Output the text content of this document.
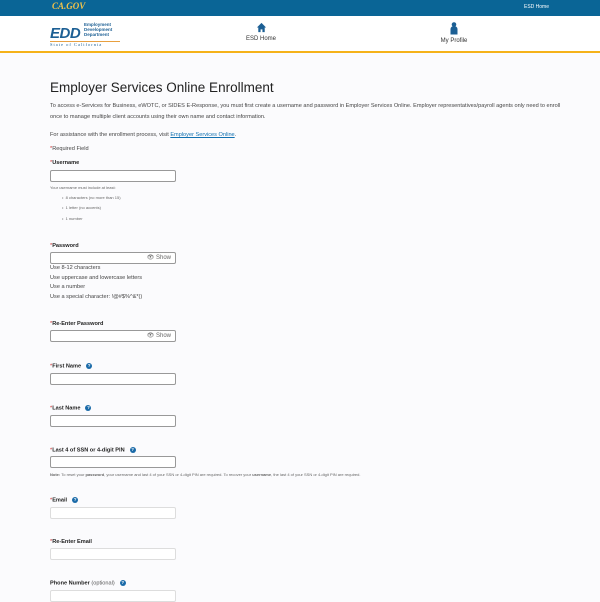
CA.GOV	ESD Home
EDD
Employment
Development
Department
State of California
ESD Home	My Profile
Employer Services Online Enrollment
To access e-Services for Business, eWOTC, or SIDES E-Response, you must first create a username and password in Employer Services Online. Employer representatives/payroll agents only need to enroll once to manage multiple client accounts using their own name and contact information.
For assistance with the enrollment process, visit Employer Services Online.
*Required Field
*Username
Your username must include at least:
•  8 characters (no more than 15)
•  1 letter (no accents)
•  1 number
*Password
👁 Show
Use 8-12 characters
Use uppercase and lowercase letters
Use a number
Use a special character: !@#$%^&*()
*Re-Enter Password
👁 Show
*First Name ?
*Last Name ?
*Last 4 of SSN or 4-digit PIN ?
Note: To reset your password, your username and last 4 of your SSN or 4-digit PIN are required. To recover your username, the last 4 of your SSN or 4-digit PIN are required.
*Email ?
*Re-Enter Email
Phone Number (optional) ?
